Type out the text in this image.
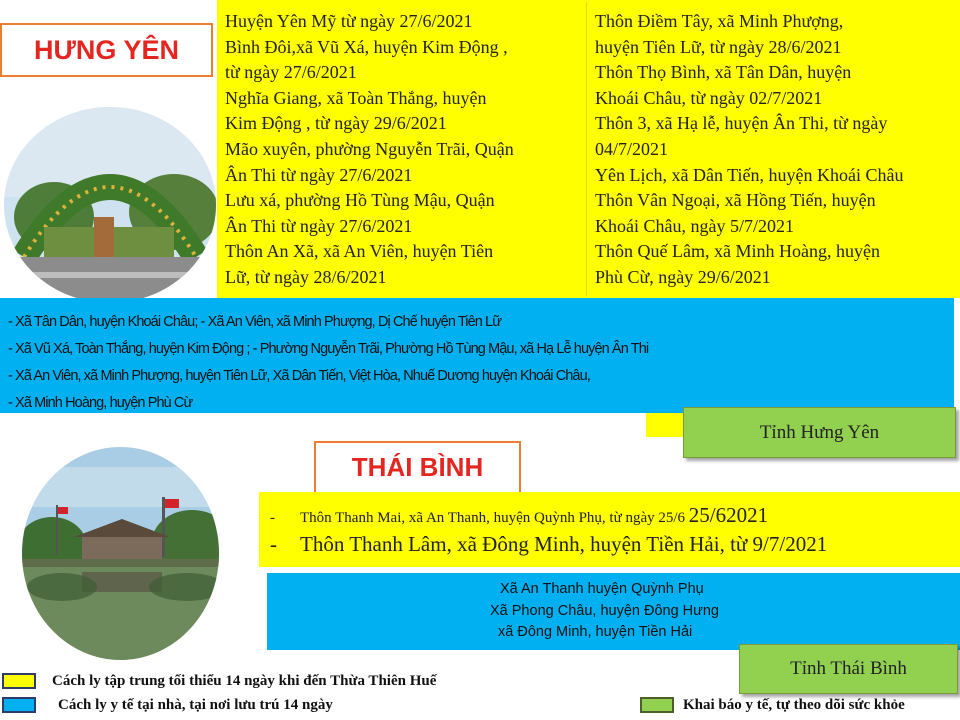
HƯNG YÊN
Huyện Yên Mỹ từ ngày 27/6/2021
Bình Đôi,xã Vũ Xá, huyện Kim Động ,
từ ngày 27/6/2021
Nghĩa Giang, xã Toàn Thắng, huyện
Kim Động , từ ngày 29/6/2021
Mão xuyên, phường Nguyễn Trãi, Quận
Ân Thi từ ngày 27/6/2021
Lưu xá, phường Hồ Tùng Mậu, Quận
Ân Thi từ ngày 27/6/2021
Thôn An Xã, xã An Viên, huyện Tiên
Lữ, từ ngày 28/6/2021
Thôn Điềm Tây, xã Minh Phượng,
huyện Tiên Lữ, từ ngày 28/6/2021
Thôn Thọ Bình, xã Tân Dân, huyện
Khoái Châu, từ ngày 02/7/2021
Thôn 3, xã Hạ lễ, huyện Ân Thi, từ ngày
04/7/2021
Yên Lịch, xã Dân Tiến, huyện Khoái Châu
Thôn Vân Ngoại, xã Hồng Tiến, huyện
Khoái Châu, ngày 5/7/2021
Thôn Quế Lâm, xã Minh Hoàng, huyện
Phù Cừ, ngày 29/6/2021
- Xã Tân Dân, huyện Khoái Châu; - Xã An Viên, xã Minh Phượng, Dị Chế huyện Tiên Lữ
- Xã Vũ Xá, Toàn Thắng, huyện Kim Động ; - Phường Nguyễn Trãi, Phường Hồ Tùng Mậu, xã Hạ Lễ huyện Ân Thi
- Xã An Viên, xã Minh Phượng, huyện Tiên Lữ, Xã Dân Tiến, Việt Hòa, Nhuế Dương huyện Khoái Châu,
- Xã Minh Hoàng, huyện Phù Cừ
Tỉnh Hưng Yên
THÁI BÌNH
- Thôn Thanh Mai, xã An Thanh, huyện Quỳnh Phụ, từ ngày 25/6 25/62021
- Thôn Thanh Lâm, xã Đông Minh, huyện Tiền Hải, từ 9/7/2021
Xã An Thanh huyện Quỳnh Phụ
Xã Phong Châu, huyện Đông Hưng
xã Đông Minh, huyện Tiền Hải
Tỉnh Thái Bình
Cách ly tập trung tối thiểu 14 ngày khi đến Thừa Thiên Huế
Cách ly y tế tại nhà, tại nơi lưu trú 14 ngày	Khai báo y tế, tự theo dõi sức khỏe
